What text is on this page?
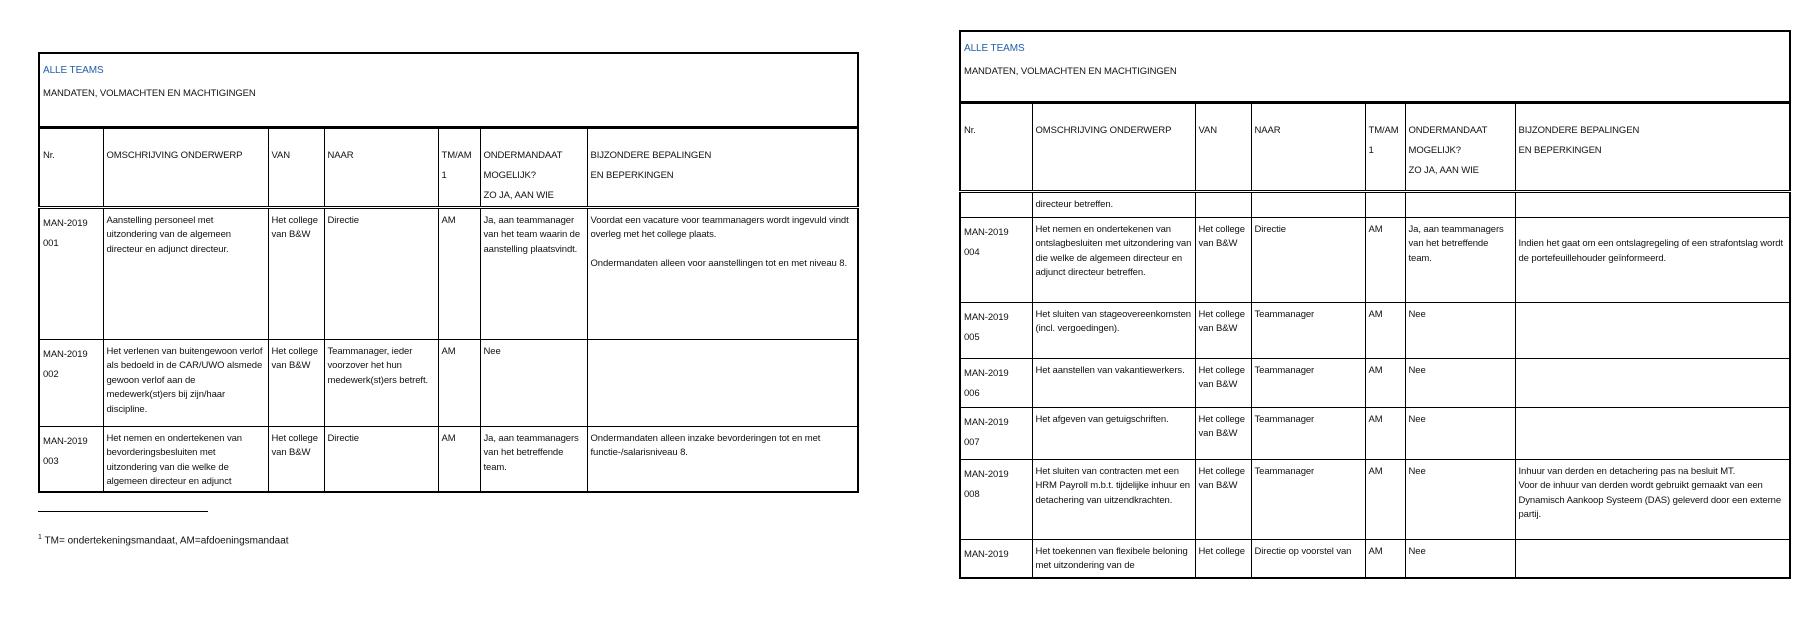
ALLE TEAMS
MANDATEN, VOLMACHTEN EN MACHTIGINGEN						

Nr.	OMSCHRIJVING ONDERWERP	VAN	NAAR	TM/AM
1	ONDERMANDAAT
MOGELIJK?
ZO JA, AAN WIE	BIJZONDERE BEPALINGEN
EN BEPERKINGEN
MAN-2019
001	Aanstelling personeel met uitzondering van de algemeen directeur en adjunct directeur.	Het college van B&W	Directie	AM	Ja, aan teammanager van het team waarin de aanstelling plaatsvindt.	Voordat een vacature voor teammanagers wordt ingevuld vindt overleg met het college plaats.

Ondermandaten alleen voor aanstellingen tot en met niveau 8.
MAN-2019
002	Het verlenen van buitengewoon verlof als bedoeld in de CAR/UWO alsmede gewoon verlof aan de medewerk(st)ers bij zijn/haar discipline.	Het college van B&W	Teammanager, ieder voorzover het hun medewerk(st)ers betreft.	AM	Nee	
MAN-2019
003	Het nemen en ondertekenen van bevorderingsbesluiten met uitzondering van die welke de algemeen directeur en adjunct	Het college van B&W	Directie	AM	Ja, aan teammanagers van het betreffende team.	Ondermandaten alleen inzake bevorderingen tot en met functie-/salarisniveau 8.
ALLE TEAMS
MANDATEN, VOLMACHTEN EN MACHTIGINGEN						

Nr.	OMSCHRIJVING ONDERWERP	VAN	NAAR	TM/AM
1	ONDERMANDAAT
MOGELIJK?
ZO JA, AAN WIE	BIJZONDERE BEPALINGEN
EN BEPERKINGEN
	directeur betreffen.					
MAN-2019
004	Het nemen en ondertekenen van ontslagbesluiten met uitzondering van die welke de algemeen directeur en adjunct directeur betreffen.	Het college van B&W	Directie	AM	Ja, aan teammanagers van het betreffende team.	
Indien het gaat om een ontslagregeling of een strafontslag wordt de portefeuillehouder geïnformeerd.
MAN-2019
005	Het sluiten van stageovereenkomsten (incl. vergoedingen).	Het college van B&W	Teammanager	AM	Nee	
MAN-2019
006	Het aanstellen van vakantiewerkers.	Het college van B&W	Teammanager	AM	Nee	
MAN-2019
007	Het afgeven van getuigschriften.	Het college van B&W	Teammanager	AM	Nee	
MAN-2019
008	Het sluiten van contracten met een HRM Payroll m.b.t. tijdelijke inhuur en detachering van uitzendkrachten.	Het college van B&W	Teammanager	AM	Nee	Inhuur van derden en detachering pas na besluit MT.
Voor de inhuur van derden wordt gebruikt gemaakt van een Dynamisch Aankoop Systeem (DAS) geleverd door een externe partij.
MAN-2019	Het toekennen van flexibele beloning met uitzondering van de	Het college	Directie op voorstel van	AM	Nee	
$^1$ TM= ondertekeningsmandaat, AM=afdoeningsmandaat
